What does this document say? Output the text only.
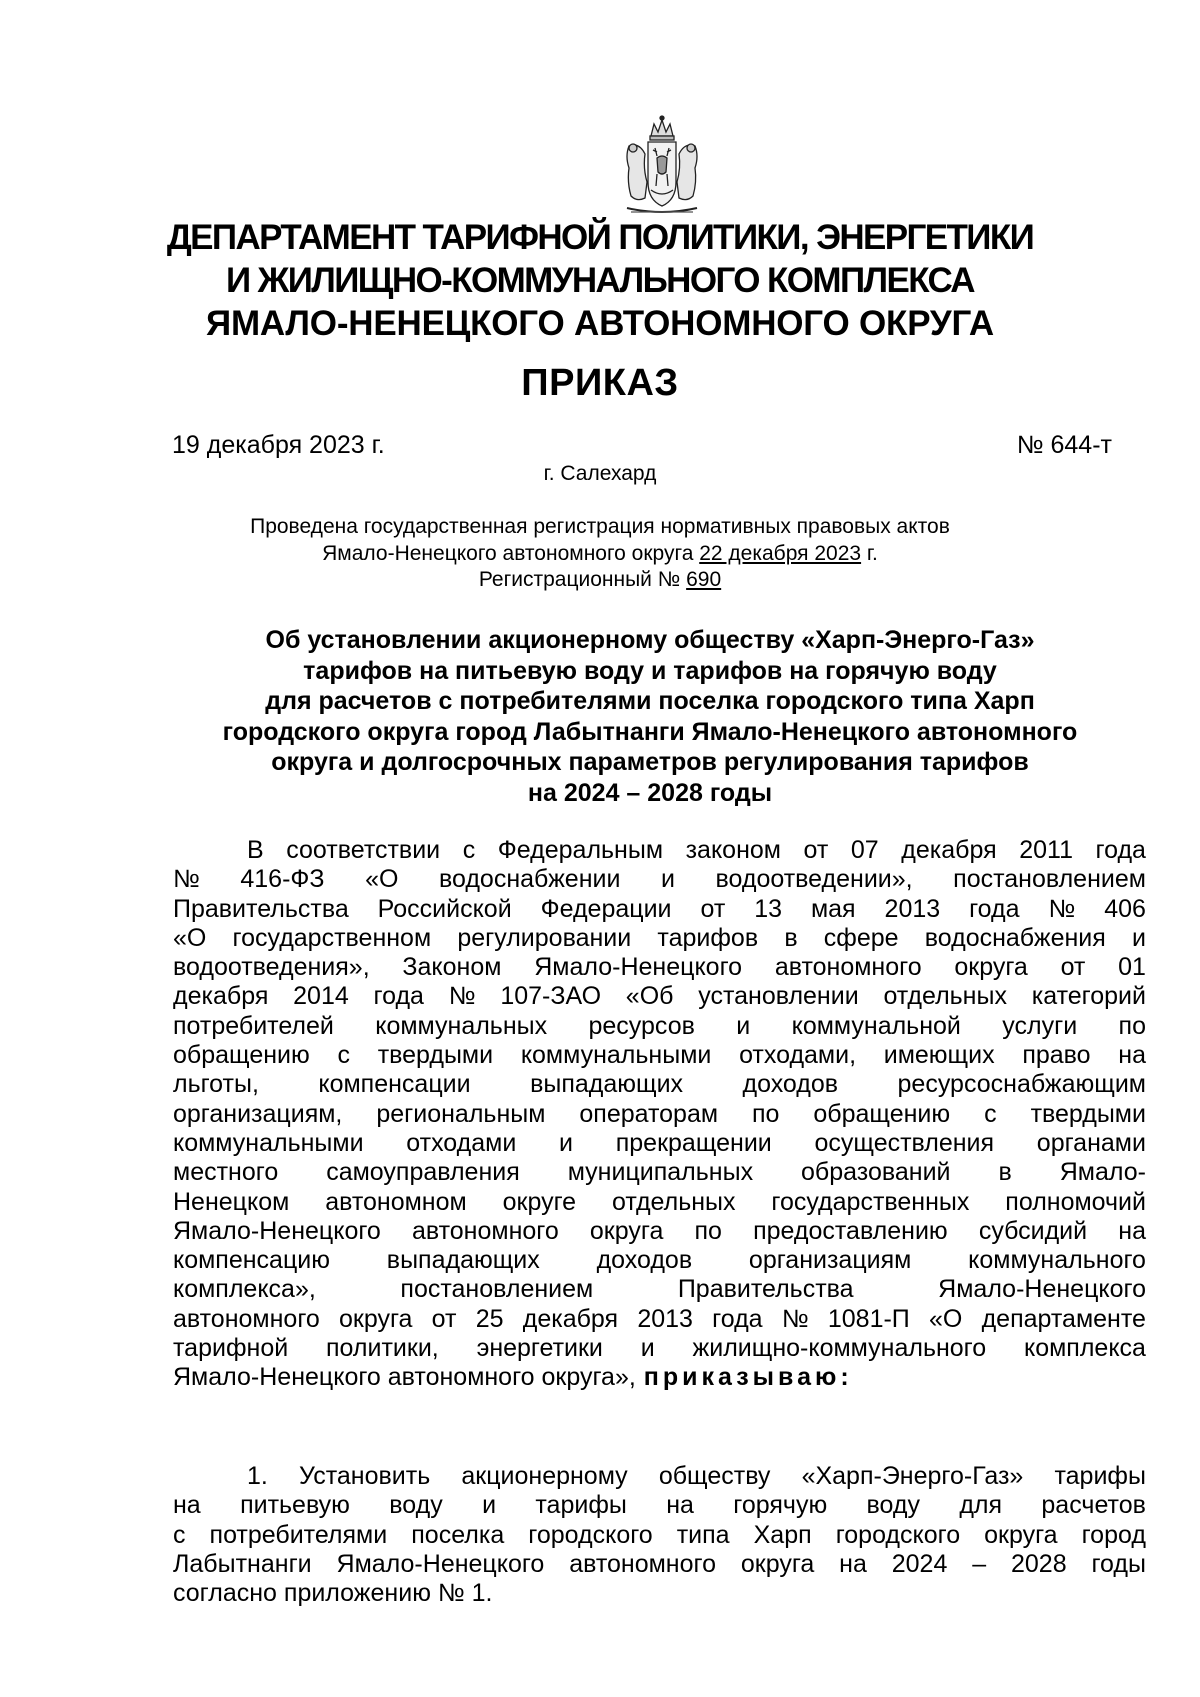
ДЕПАРТАМЕНТ ТАРИФНОЙ ПОЛИТИКИ, ЭНЕРГЕТИКИ
И ЖИЛИЩНО-КОММУНАЛЬНОГО КОМПЛЕКСА
ЯМАЛО-НЕНЕЦКОГО АВТОНОМНОГО ОКРУГА
ПРИКАЗ
19 декабря 2023 г.	№ 644-т
г. Салехард
Проведена государственная регистрация нормативных правовых актов
Ямало-Ненецкого автономного округа 22 декабря 2023 г.
Регистрационный № 690
Об установлении акционерному обществу «Харп-Энерго-Газ»
тарифов на питьевую воду и тарифов на горячую воду
для расчетов с потребителями поселка городского типа Харп
городского округа город Лабытнанги Ямало-Ненецкого автономного
округа и долгосрочных параметров регулирования тарифов
на 2024 – 2028 годы
В соответствии с Федеральным законом от 07 декабря 2011 года
№ 416-ФЗ «О водоснабжении и водоотведении», постановлением
Правительства Российской Федерации от 13 мая 2013 года № 406
«О государственном регулировании тарифов в сфере водоснабжения и
водоотведения», Законом Ямало-Ненецкого автономного округа от 01
декабря 2014 года № 107-ЗАО «Об установлении отдельных категорий
потребителей коммунальных ресурсов и коммунальной услуги по
обращению с твердыми коммунальными отходами, имеющих право на
льготы, компенсации выпадающих доходов ресурсоснабжающим
организациям, региональным операторам по обращению с твердыми
коммунальными отходами и прекращении осуществления органами
местного самоуправления муниципальных образований в Ямало-
Ненецком автономном округе отдельных государственных полномочий
Ямало-Ненецкого автономного округа по предоставлению субсидий на
компенсацию выпадающих доходов организациям коммунального
комплекса»,	постановлением	Правительства	Ямало-Ненецкого
автономного округа от 25 декабря 2013 года № 1081-П «О департаменте
тарифной политики, энергетики и жилищно-коммунального комплекса
Ямало-Ненецкого автономного округа», приказываю:
1. Установить акционерному обществу «Харп-Энерго-Газ» тарифы
на питьевую воду и тарифы на горячую воду для расчетов
с потребителями поселка городского типа Харп городского округа город
Лабытнанги Ямало-Ненецкого автономного округа на 2024 – 2028 годы
согласно приложению № 1.
